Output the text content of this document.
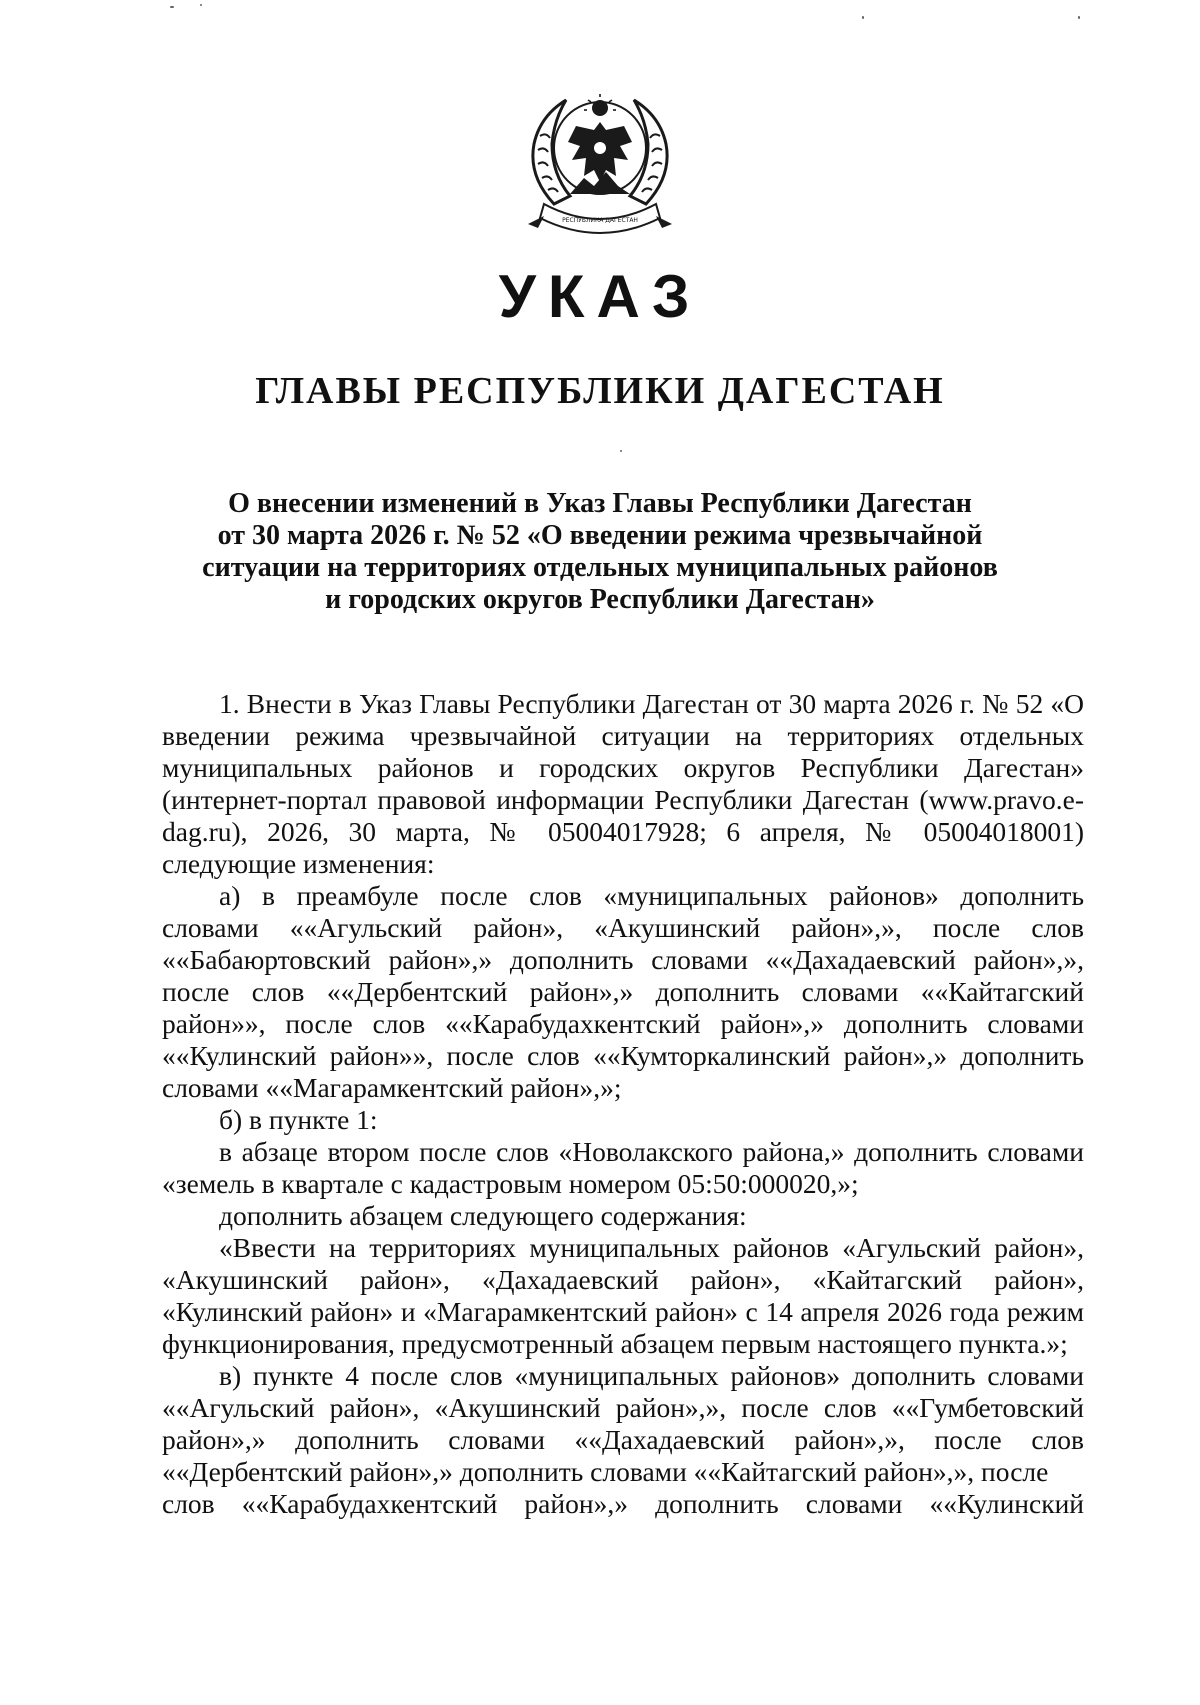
РЕСПУБЛИКА ДАГЕСТАН
УКАЗ
ГЛАВЫ РЕСПУБЛИКИ ДАГЕСТАН
О внесении изменений в Указ Главы Республики Дагестан
от 30 марта 2026 г. № 52 «О введении режима чрезвычайной
ситуации на территориях отдельных муниципальных районов
и городских округов Республики Дагестан»

1. Внести в Указ Главы Республики Дагестан от 30 марта 2026 г. № 52 «О введении режима чрезвычайной ситуации на территориях отдельных муниципальных районов и городских округов Республики Дагестан» (интернет-портал правовой информации Республики Дагестан (www.pravo.e-dag.ru), 2026, 30 марта, № 05004017928; 6 апреля, № 05004018001) следующие изменения:

а) в преамбуле после слов «муниципальных районов» дополнить словами ««Агульский район», «Акушинский район»,», после слов ««Бабаюртовский район»,» дополнить словами ««Дахадаевский район»,», после слов ««Дербентский район»,» дополнить словами ««Кайтагский район»», после слов ««Карабудахкентский район»,» дополнить словами ««Кулинский район»», после слов ««Кумторкалинский район»,» дополнить словами ««Магарамкентский район»,»;

б) в пункте 1:

в абзаце втором после слов «Новолакского района,» дополнить словами «земель в квартале с кадастровым номером 05:50:000020,»;

дополнить абзацем следующего содержания:

«Ввести на территориях муниципальных районов «Агульский район», «Акушинский район», «Дахадаевский район», «Кайтагский район», «Кулинский район» и «Магарамкентский район» с 14 апреля 2026 года режим функционирования, предусмотренный абзацем первым настоящего пункта.»;

в) пункте 4 после слов «муниципальных районов» дополнить словами ««Агульский район», «Акушинский район»,», после слов ««Гумбетовский район»,» дополнить словами ««Дахадаевский район»,», после слов ««Дербентский район»,» дополнить словами ««Кайтагский район»,», после

слов ««Карабудахкентский район»,» дополнить словами ««Кулинский
